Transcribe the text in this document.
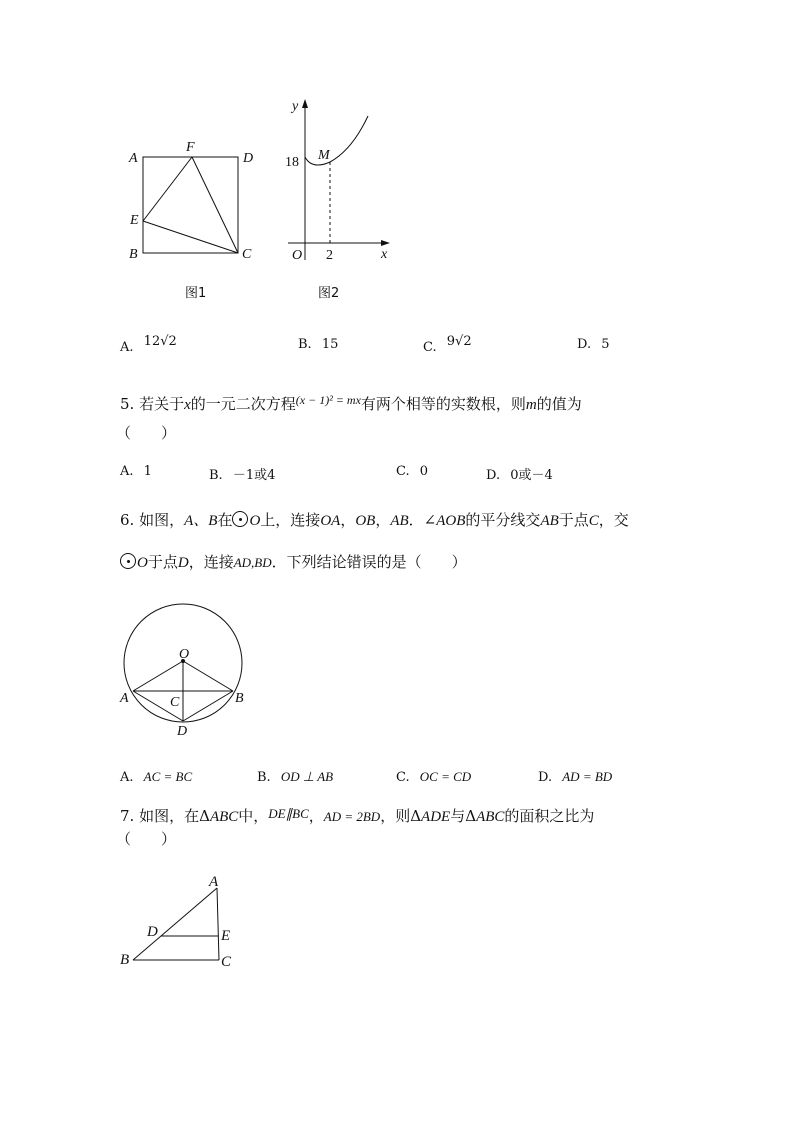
A
F
D
E
B	C
图1
y
x
O
M
18
2
图2
A. 12√2	B. 15	C. 9√2	D. 5
5. 若关于x的一元二次方程$^{(x - 1)^2 = mx}$有两个相等的实数根，则m的值为
（　　）
A. 1	B. －1或4	C. 0	D. 0或－4
6. 如图，A、B在 O上，连接OA，OB，AB．∠AOB的平分线交AB于点C，交
O于点D，连接AD,BD．下列结论错误的是（　　）
O
A	B
C
D
A. AC = BC	B. OD ⊥ AB	C. OC = CD	D. AD = BD
7. 如图，在ΔABC中，DE∥BC，AD = 2BD，则ΔADE与ΔABC的面积之比为
（　　）
A
D	E
B	C
